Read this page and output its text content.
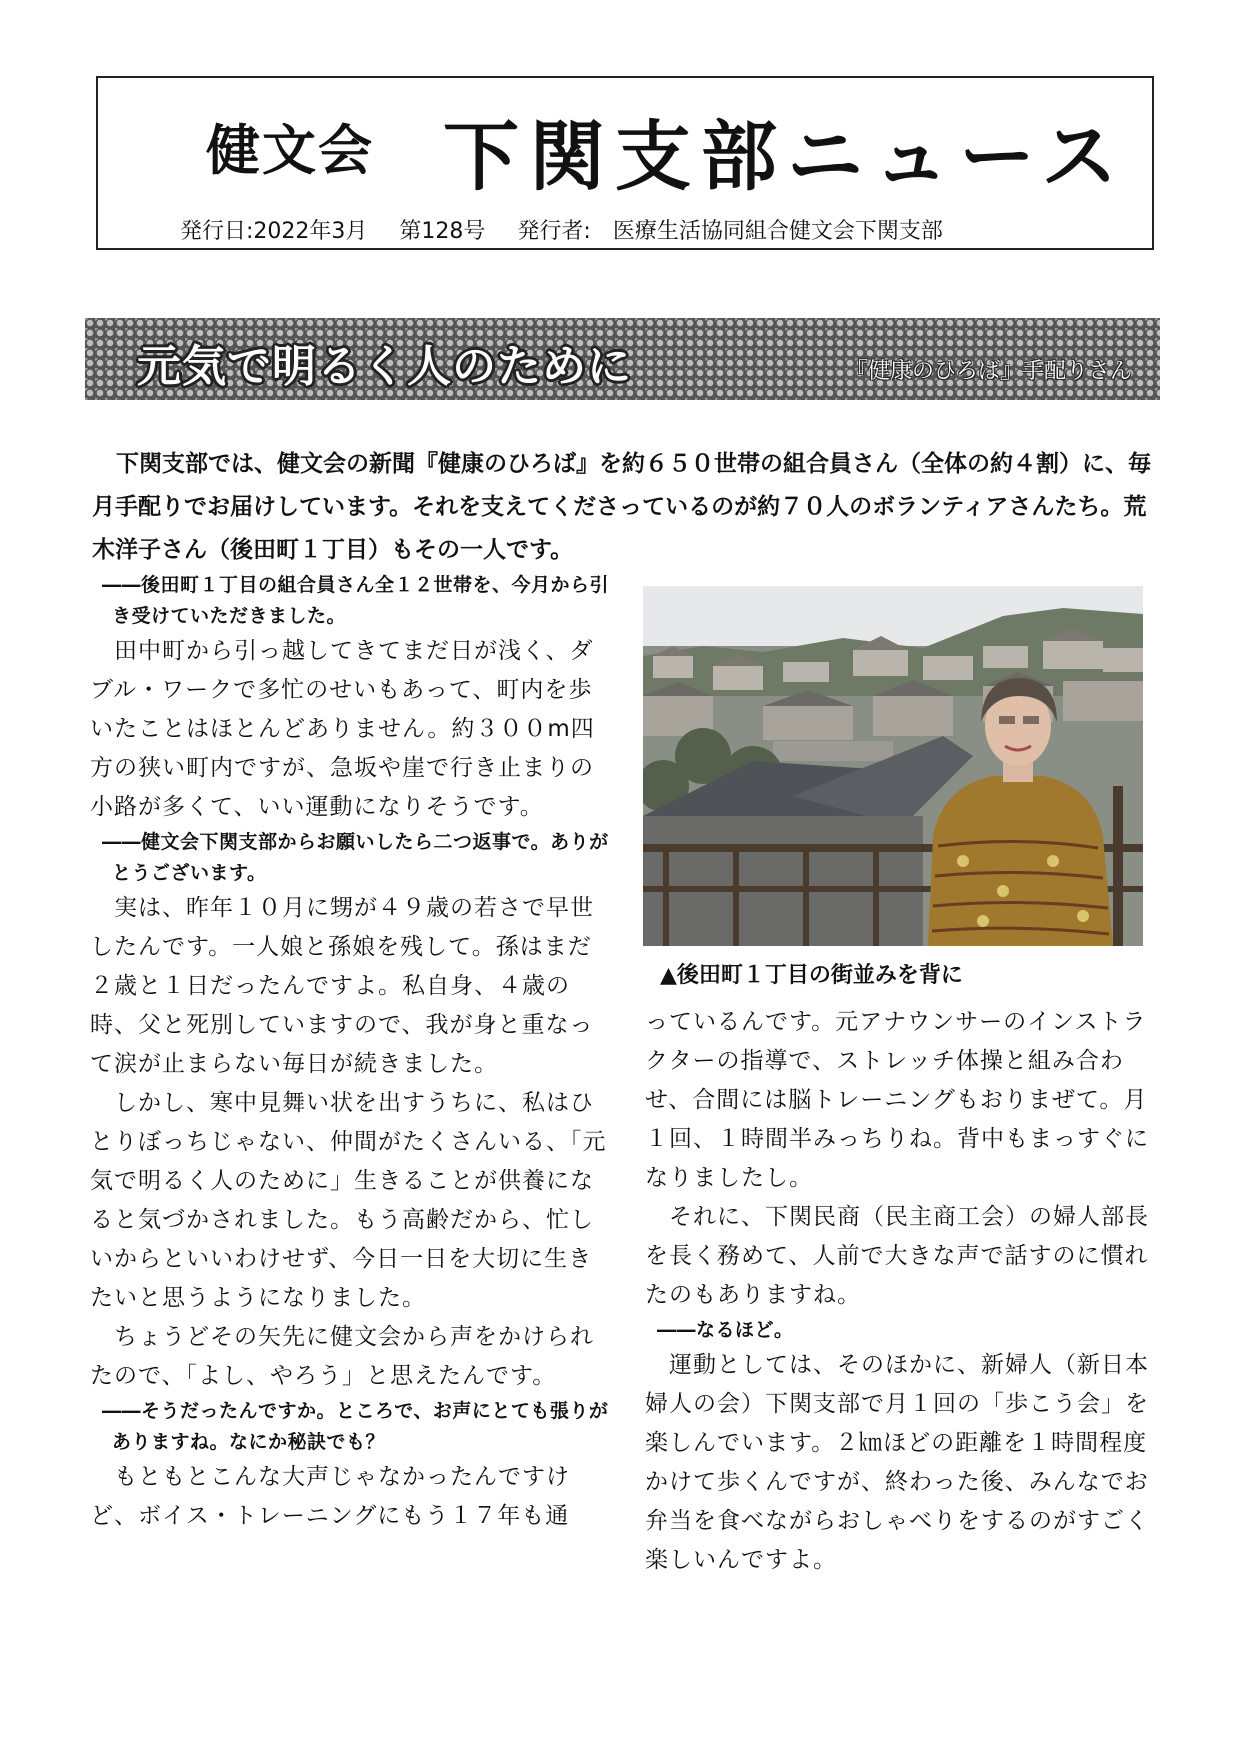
健文会 下関支部ニュース
発行日:2022年3月 第128号 発行者:　医療生活協同組合健文会下関支部
元気で明るく人のために	『健康のひろば』手配りさん

下関支部では、健文会の新聞『健康のひろば』を約６５０世帯の組合員さん（全体の約４割）に、毎月手配りでお届けしています。それを支えてくださっているのが約７０人のボランティアさんたち。荒木洋子さん（後田町１丁目）もその一人です。

――後田町１丁目の組合員さん全１２世帯を、今月から引き受けていただきました。

田中町から引っ越してきてまだ日が浅く、ダブル・ワークで多忙のせいもあって、町内を歩いたことはほとんどありません。約３００m四方の狭い町内ですが、急坂や崖で行き止まりの小路が多くて、いい運動になりそうです。

――健文会下関支部からお願いしたら二つ返事で。ありがとうございます。

実は、昨年１０月に甥が４９歳の若さで早世したんです。一人娘と孫娘を残して。孫はまだ２歳と１日だったんですよ。私自身、４歳の時、父と死別していますので、我が身と重なって涙が止まらない毎日が続きました。

しかし、寒中見舞い状を出すうちに、私はひとりぼっちじゃない、仲間がたくさんいる、「元気で明るく人のために」生きることが供養になると気づかされました。もう高齢だから、忙しいからといいわけせず、今日一日を大切に生きたいと思うようになりました。

ちょうどその矢先に健文会から声をかけられたので、「よし、やろう」と思えたんです。

――そうだったんですか。ところで、お声にとても張りがありますね。なにか秘訣でも？

もともとこんな大声じゃなかったんですけど、ボイス・トレーニングにもう１７年も通

▲後田町１丁目の街並みを背に

っているんです。元アナウンサーのインストラクターの指導で、ストレッチ体操と組み合わせ、合間には脳トレーニングもおりまぜて。月１回、１時間半みっちりね。背中もまっすぐになりましたし。

それに、下関民商（民主商工会）の婦人部長を長く務めて、人前で大きな声で話すのに慣れたのもありますね。

――なるほど。

運動としては、そのほかに、新婦人（新日本婦人の会）下関支部で月１回の「歩こう会」を楽しんでいます。２㎞ほどの距離を１時間程度かけて歩くんですが、終わった後、みんなでお弁当を食べながらおしゃべりをするのがすごく楽しいんですよ。
